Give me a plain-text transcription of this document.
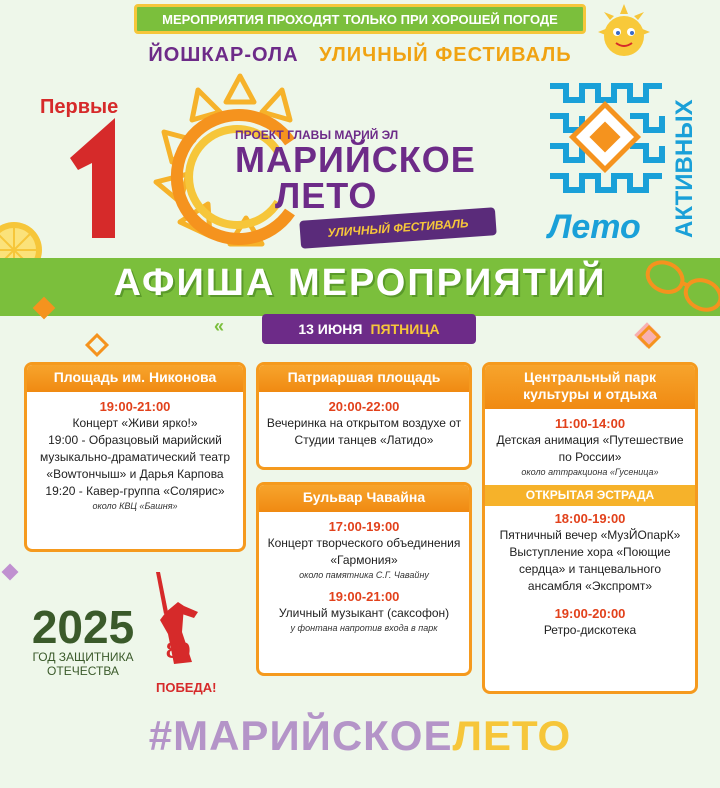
МЕРОПРИЯТИЯ ПРОХОДЯТ ТОЛЬКО ПРИ ХОРОШЕЙ ПОГОДЕ
ЙОШКАР-ОЛА УЛИЧНЫЙ ФЕСТИВАЛЬ
Первые
ПРОЕКТ ГЛАВЫ МАРИЙ ЭЛ
МАРИЙСКОЕ
ЛЕТО
УЛИЧНЫЙ ФЕСТИВАЛЬ	Лето АКТИВНЫХ
АФИША МЕРОПРИЯТИЙ
«	13 ИЮНЯ ПЯТНИЦА
Площадь им. Никонова
19:00-21:00
Концерт «Живи ярко!»
19:00 - Образцовый марийский музыкально-драматический театр «Вowтончыш» и Дарья Карпова
19:20 - Кавер-группа «Солярис»
около КВЦ «Башня»
Патриаршая площадь
20:00-22:00
Вечеринка на открытом воздухе от Студии танцев «Латидо»
Бульвар Чавайна
17:00-19:00
Концерт творческого объединения «Гармония»
около памятника С.Г. Чавайну
19:00-21:00
Уличный музыкант (саксофон)
у фонтана напротив входа в парк
Центральный парк культуры и отдыха
11:00-14:00
Детская анимация «Путешествие по России»
около аттракциона «Гусеница»
ОТКРЫТАЯ ЭСТРАДА
18:00-19:00
Пятничный вечер «МузЙОпарК» Выступление хора «Поющие сердца» и танцевального ансамбля «Экспромт»
19:00-20:00
Ретро-дискотека
2025
ГОД ЗАЩИТНИКА
ОТЕЧЕСТВА
80
ПОБЕДА!
#МАРИЙСКОЕЛЕТО
